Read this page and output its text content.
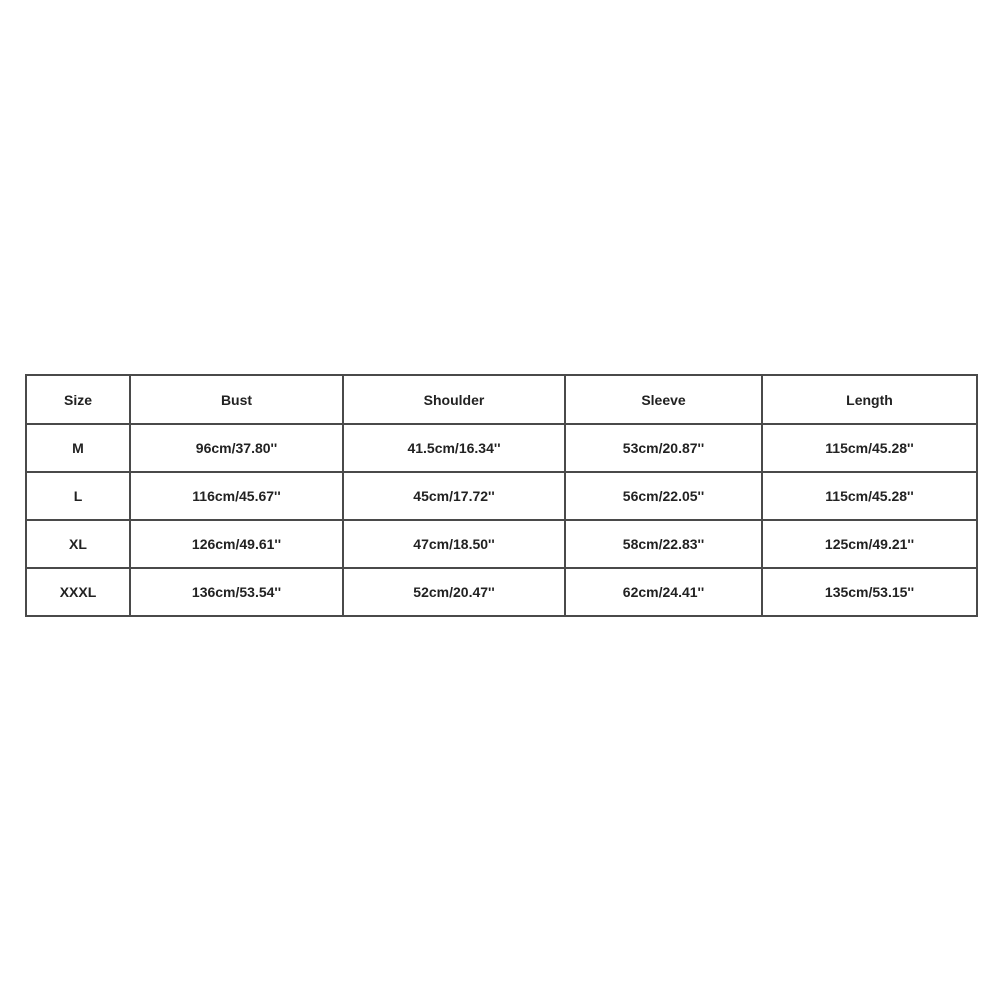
Size	Bust	Shoulder	Sleeve	Length
M	96cm/37.80''	41.5cm/16.34''	53cm/20.87''	115cm/45.28''
L	116cm/45.67''	45cm/17.72''	56cm/22.05''	115cm/45.28''
XL	126cm/49.61''	47cm/18.50''	58cm/22.83''	125cm/49.21''
XXXL	136cm/53.54''	52cm/20.47''	62cm/24.41''	135cm/53.15''
